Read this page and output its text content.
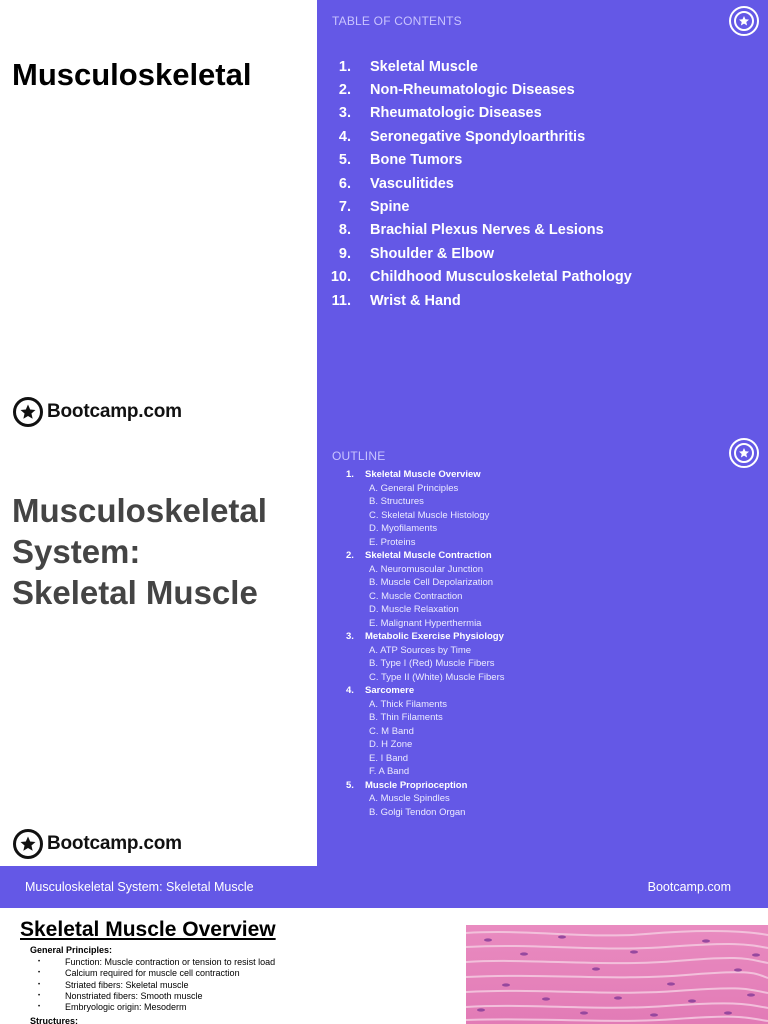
Musculoskeletal
Bootcamp.com
TABLE OF CONTENTS
1.	Skeletal Muscle
2.	Non-Rheumatologic Diseases
3.	Rheumatologic Diseases
4.	Seronegative Spondyloarthritis
5.	Bone Tumors
6.	Vasculitides
7.	Spine
8.	Brachial Plexus Nerves & Lesions
9.	Shoulder & Elbow
10.	Childhood Musculoskeletal Pathology
11.	Wrist & Hand
Bootcamp.com
Musculoskeletal
System:
Skeletal Muscle
OUTLINE
1.	Skeletal Muscle Overview
A. General Principles
B. Structures
C. Skeletal Muscle Histology
D. Myofilaments
E. Proteins
2.	Skeletal Muscle Contraction
A. Neuromuscular Junction
B. Muscle Cell Depolarization
C. Muscle Contraction
D. Muscle Relaxation
E. Malignant Hyperthermia
3.	Metabolic Exercise Physiology
A. ATP Sources by Time
B. Type I (Red) Muscle Fibers
C. Type II (White) Muscle Fibers
4.	Sarcomere
A. Thick Filaments
B. Thin Filaments
C. M Band
D. H Zone
E. I Band
F. A Band
5.	Muscle Proprioception
A. Muscle Spindles
B. Golgi Tendon Organ
Musculoskeletal System: Skeletal Muscle	Bootcamp.com
Skeletal Muscle Overview
General Principles:
•	Function: Muscle contraction or tension to resist load
•	Calcium required for muscle cell contraction
•	Striated fibers: Skeletal muscle
•	Nonstriated fibers: Smooth muscle
•	Embryologic origin: Mesoderm
Structures:
